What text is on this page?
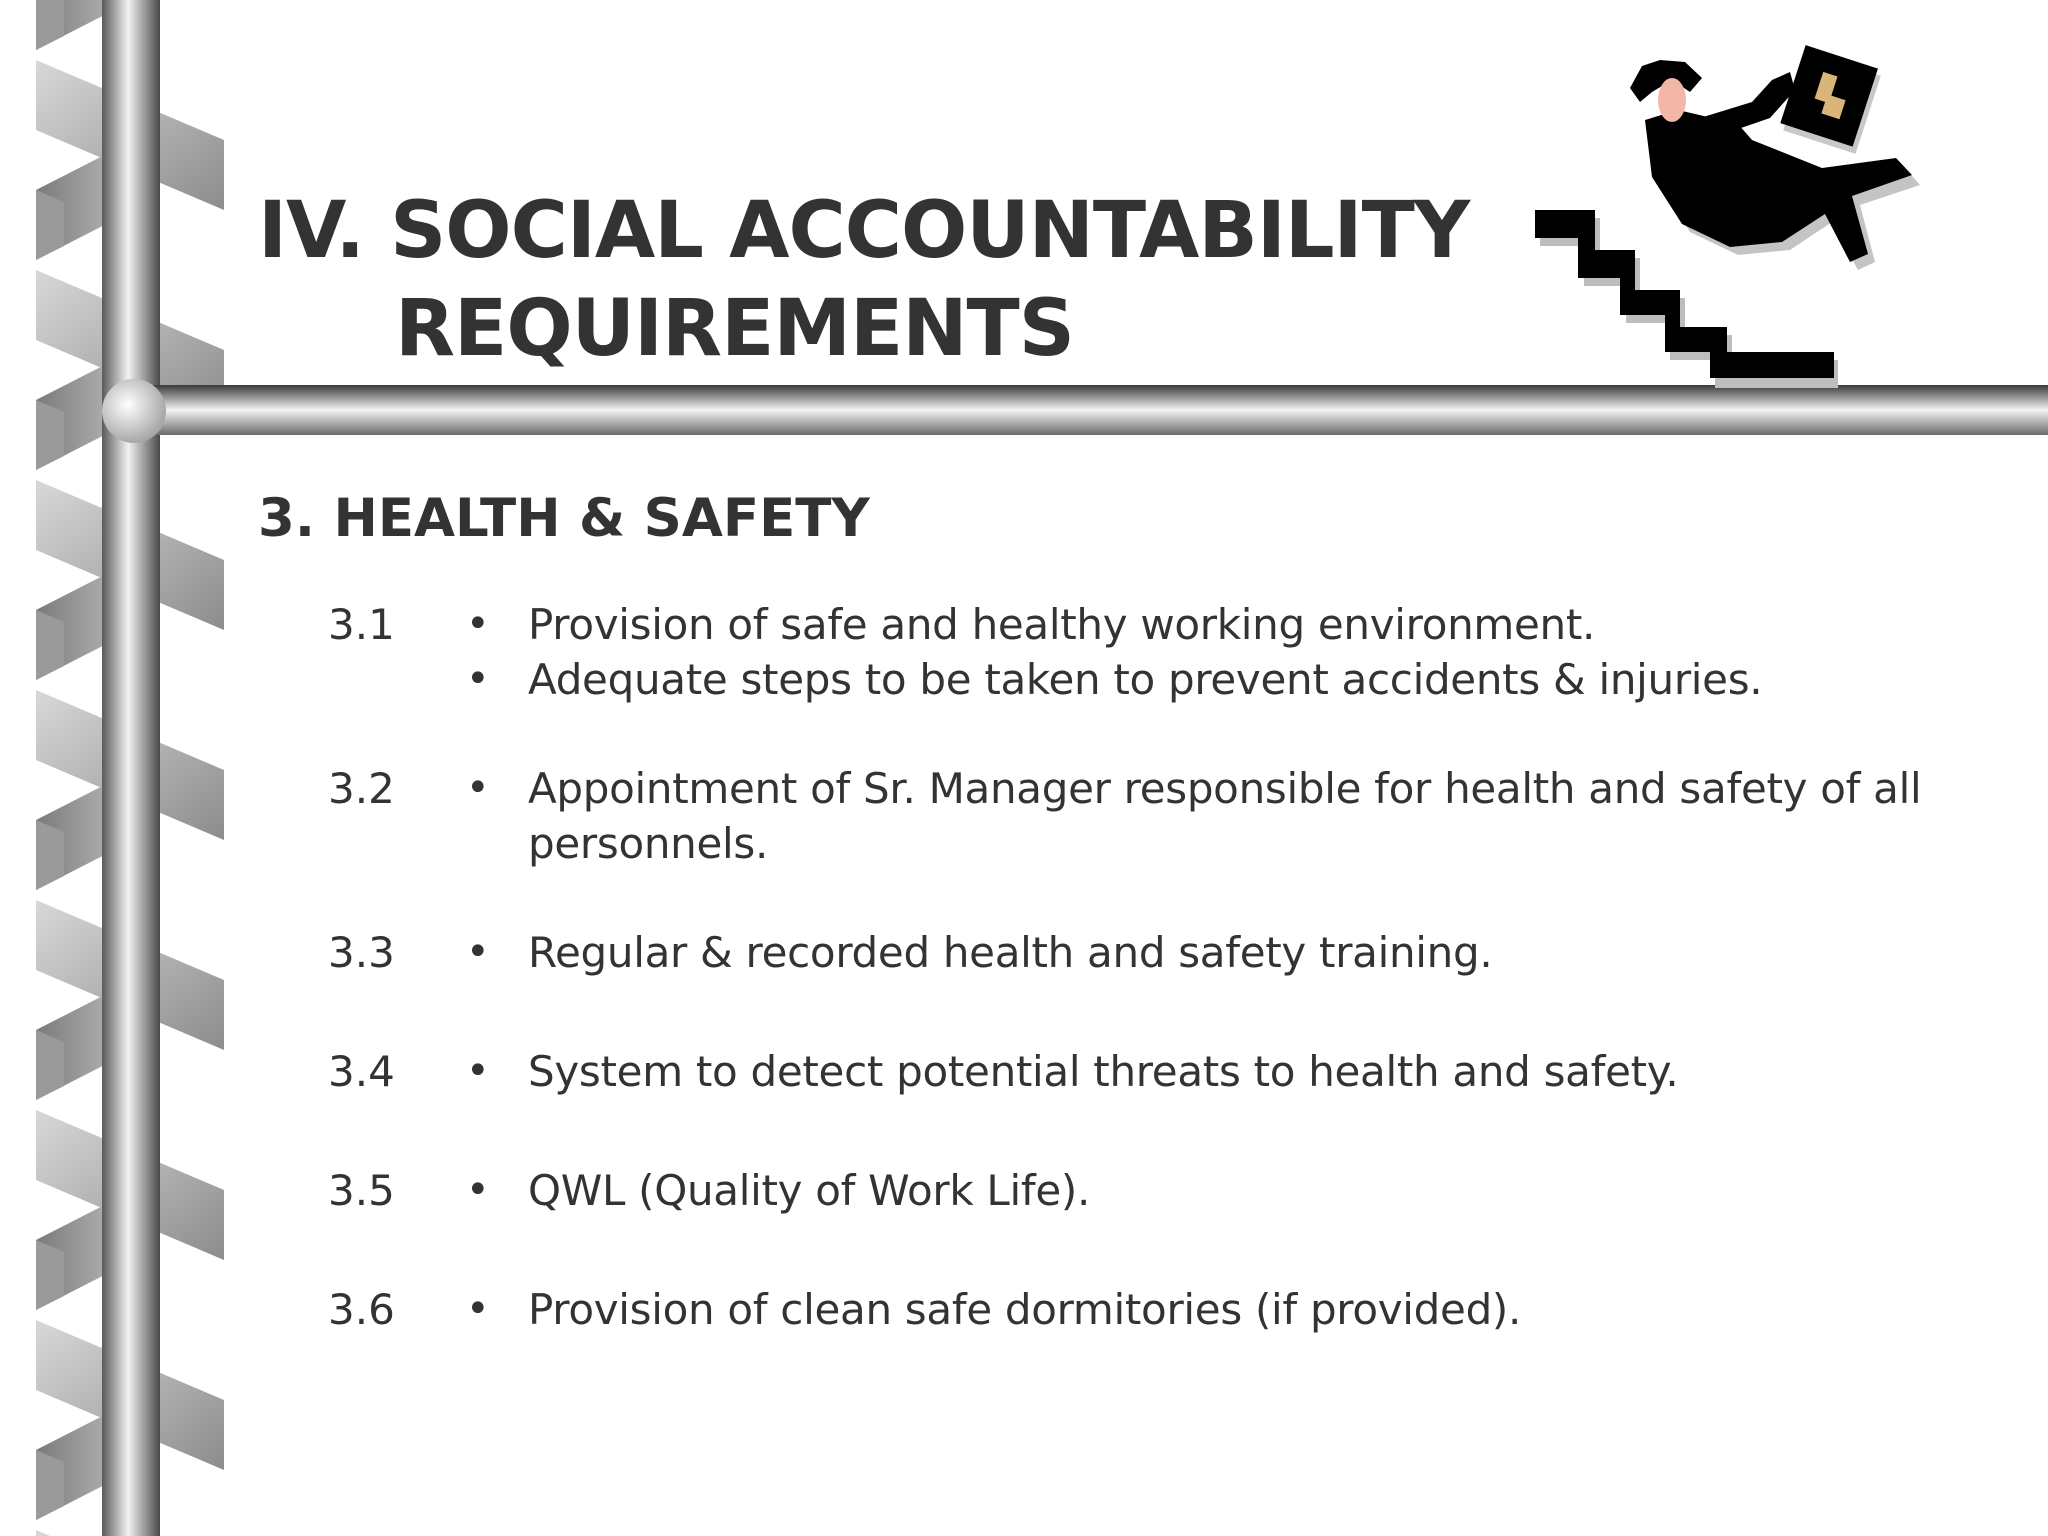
IV. SOCIAL ACCOUNTABILITY
REQUIREMENTS
3. HEALTH & SAFETY
3.1 • Provision of safe and healthy working environment.
• Adequate steps to be taken to prevent accidents & injuries.
3.2 • Appointment of Sr. Manager responsible for health and safety of all personnels.
3.3 • Regular & recorded health and safety training.
3.4 • System to detect potential threats to health and safety.
3.5 • QWL (Quality of Work Life).
3.6 • Provision of clean safe dormitories (if provided).
